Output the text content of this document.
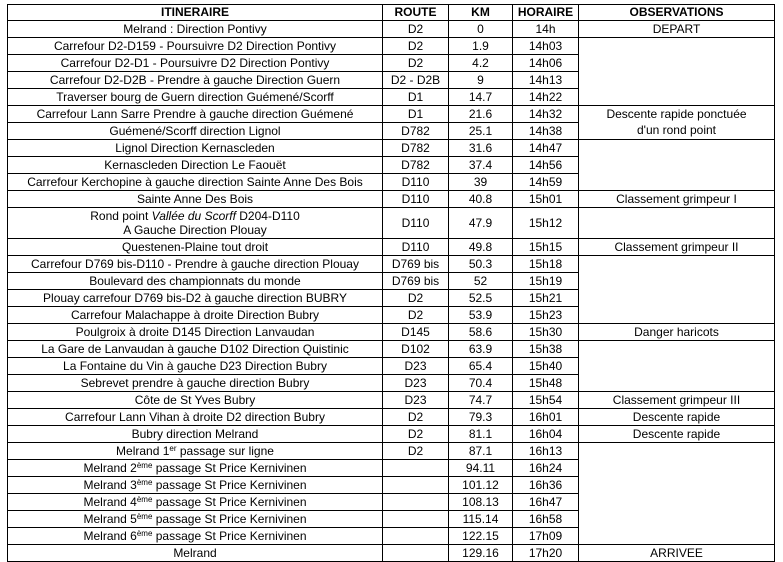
ITINERAIRE	ROUTE	KM	HORAIRE	OBSERVATIONS
Melrand : Direction Pontivy	D2	0	14h	DEPART
Carrefour D2-D159 - Poursuivre D2 Direction Pontivy	D2	1.9	14h03	
Carrefour D2-D1 - Poursuivre D2 Direction Pontivy	D2	4.2	14h06	
Carrefour D2-D2B - Prendre à gauche Direction Guern	D2 - D2B	9	14h13	
Traverser bourg de Guern direction Guémené/Scorff	D1	14.7	14h22	
Carrefour Lann Sarre Prendre à gauche direction Guémené	D1	21.6	14h32	Descente rapide ponctuée
Guémené/Scorff direction Lignol	D782	25.1	14h38	d'un rond point
Lignol Direction Kernascleden	D782	31.6	14h47	
Kernascleden Direction Le Faouët	D782	37.4	14h56	
Carrefour Kerchopine à gauche direction Sainte Anne Des Bois	D110	39	14h59	
Sainte Anne Des Bois	D110	40.8	15h01	Classement grimpeur I
Rond point Vallée du Scorff D204-D110
A Gauche Direction Plouay	D110	47.9	15h12	
Questenen-Plaine tout droit	D110	49.8	15h15	Classement grimpeur II
Carrefour D769 bis-D110 - Prendre à gauche direction Plouay	D769 bis	50.3	15h18	
Boulevard des championnats du monde	D769 bis	52	15h19	
Plouay carrefour D769 bis-D2 à gauche direction BUBRY	D2	52.5	15h21	
Carrefour Malachappe à droite Direction Bubry	D2	53.9	15h23	
Poulgroix à droite D145 Direction Lanvaudan	D145	58.6	15h30	Danger haricots
La Gare de Lanvaudan à gauche D102 Direction Quistinic	D102	63.9	15h38	
La Fontaine du Vin à gauche D23 Direction Bubry	D23	65.4	15h40	
Sebrevet prendre à gauche direction Bubry	D23	70.4	15h48	
Côte de St Yves Bubry	D23	74.7	15h54	Classement grimpeur III
Carrefour Lann Vihan à droite D2 direction Bubry	D2	79.3	16h01	Descente rapide
Bubry direction Melrand	D2	81.1	16h04	Descente rapide
Melrand 1er passage sur ligne	D2	87.1	16h13	
Melrand 2ème passage St Price Kernivinen		94.11	16h24	
Melrand 3ème passage St Price Kernivinen		101.12	16h36	
Melrand 4ème passage St Price Kernivinen		108.13	16h47	
Melrand 5ème passage St Price Kernivinen		115.14	16h58	
Melrand 6ème passage St Price Kernivinen		122.15	17h09	
Melrand		129.16	17h20	ARRIVEE
